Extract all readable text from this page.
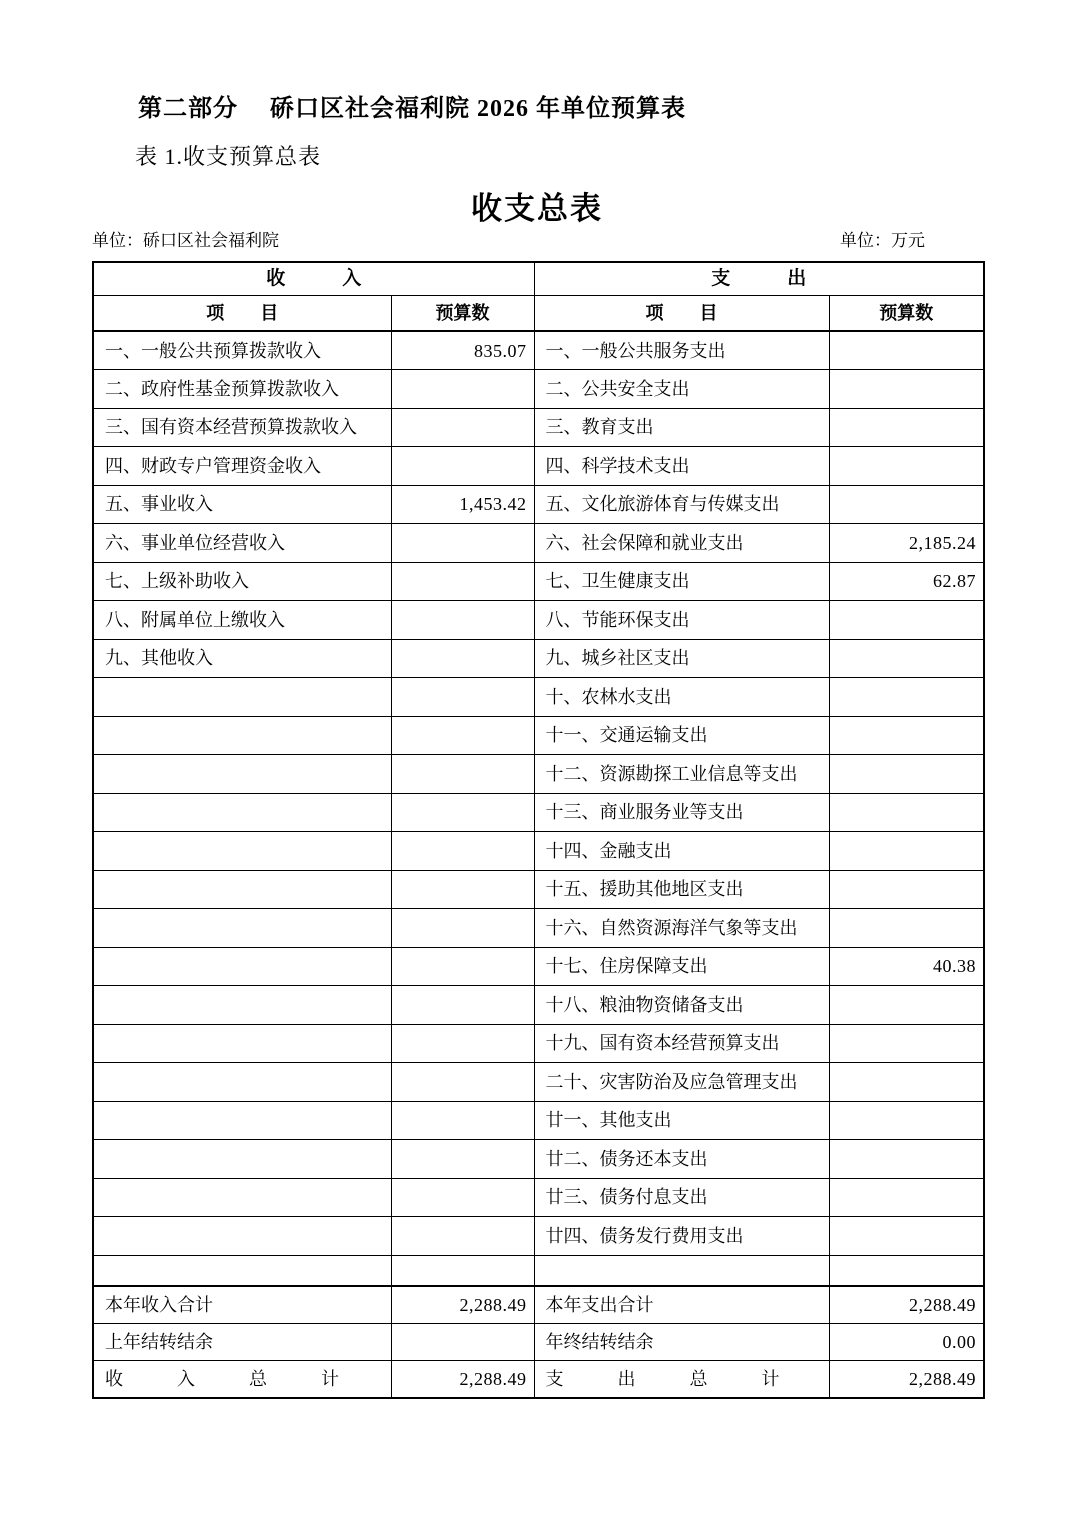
第二部分　 硚口区社会福利院 2026 年单位预算表
表 1.收支预算总表
收支总表
单位：硚口区社会福利院	单位：万元
收　　　入		支　　　出	
项　　目	预算数	项　　目	预算数
一、一般公共预算拨款收入	835.07	一、一般公共服务支出	
二、政府性基金预算拨款收入		二、公共安全支出	
三、国有资本经营预算拨款收入		三、教育支出	
四、财政专户管理资金收入		四、科学技术支出	
五、事业收入	1,453.42	五、文化旅游体育与传媒支出	
六、事业单位经营收入		六、社会保障和就业支出	2,185.24
七、上级补助收入		七、卫生健康支出	62.87
八、附属单位上缴收入		八、节能环保支出	
九、其他收入		九、城乡社区支出	
		十、农林水支出	
		十一、交通运输支出	
		十二、资源勘探工业信息等支出	
		十三、商业服务业等支出	
		十四、金融支出	
		十五、援助其他地区支出	
		十六、自然资源海洋气象等支出	
		十七、住房保障支出	40.38
		十八、粮油物资储备支出	
		十九、国有资本经营预算支出	
		二十、灾害防治及应急管理支出	
		廿一、其他支出	
		廿二、债务还本支出	
		廿三、债务付息支出	
		廿四、债务发行费用支出	

本年收入合计	2,288.49	本年支出合计	2,288.49
上年结转结余		年终结转结余	0.00
收　　　入　　　总　　　计	2,288.49	支　　　出　　　总　　　计	2,288.49
